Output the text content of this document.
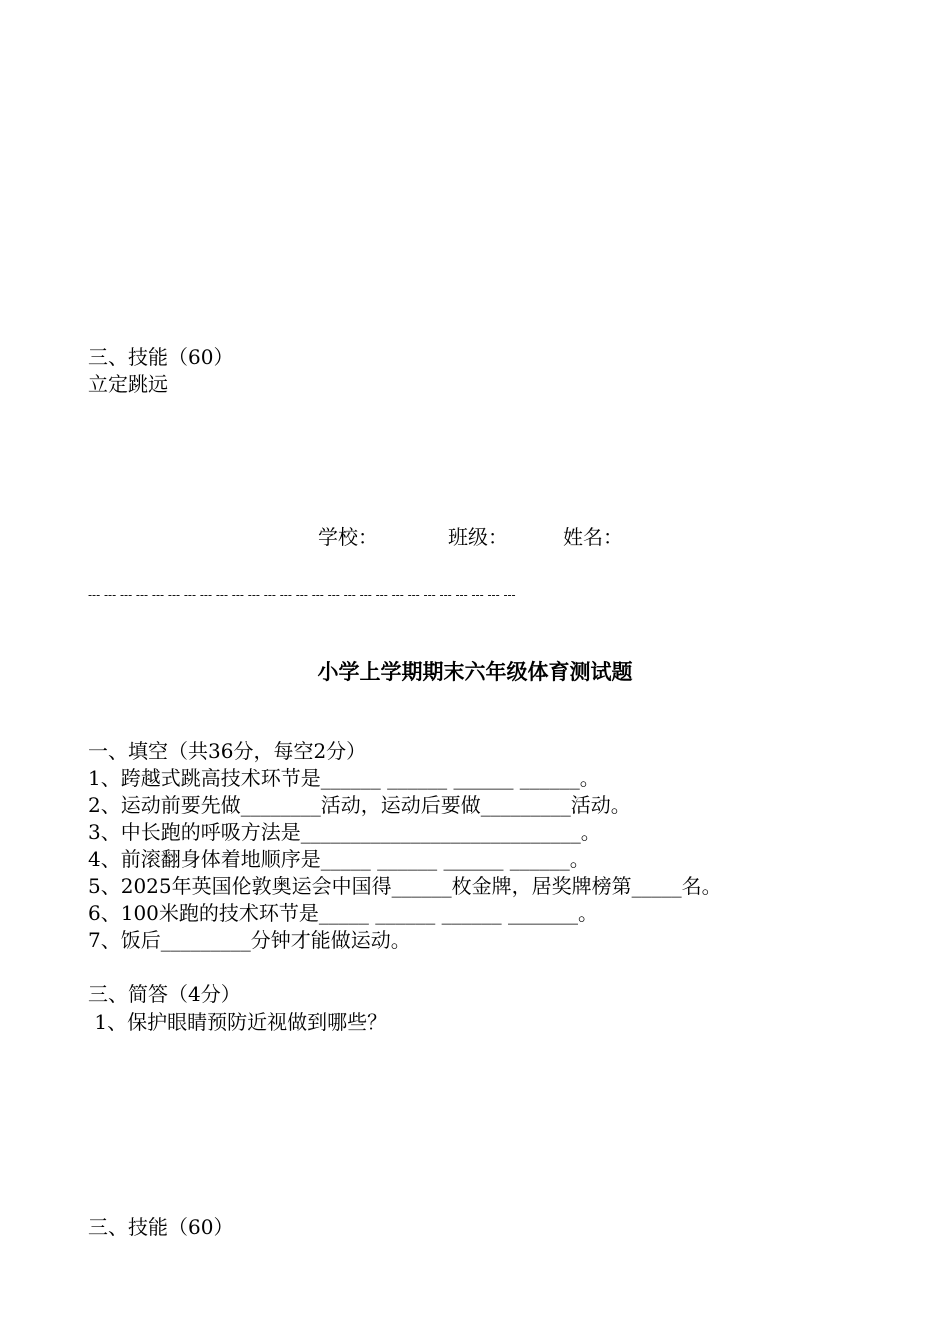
三、技能（60）
立定跳远
学校：	班级：	姓名：
--- --- --- --- --- --- --- --- --- --- --- --- --- --- --- --- --- --- --- --- --- --- --- --- --- --- ---
小学上学期期末六年级体育测试题
一、填空（共36分，每空2分）
1、跨越式跳高技术环节是______ ______ ______ ______。
2、运动前要先做________活动，运动后要做_________活动。
3、中长跑的呼吸方法是____________________________。
4、前滚翻身体着地顺序是_____ ______ ______ ______。
5、2025年英国伦敦奥运会中国得______枚金牌，居奖牌榜第_____名。
6、100米跑的技术环节是_____ ______ ______ _______。
7、饭后_________分钟才能做运动。
三、简答（4分）
1、保护眼睛预防近视做到哪些？
三、技能（60）
